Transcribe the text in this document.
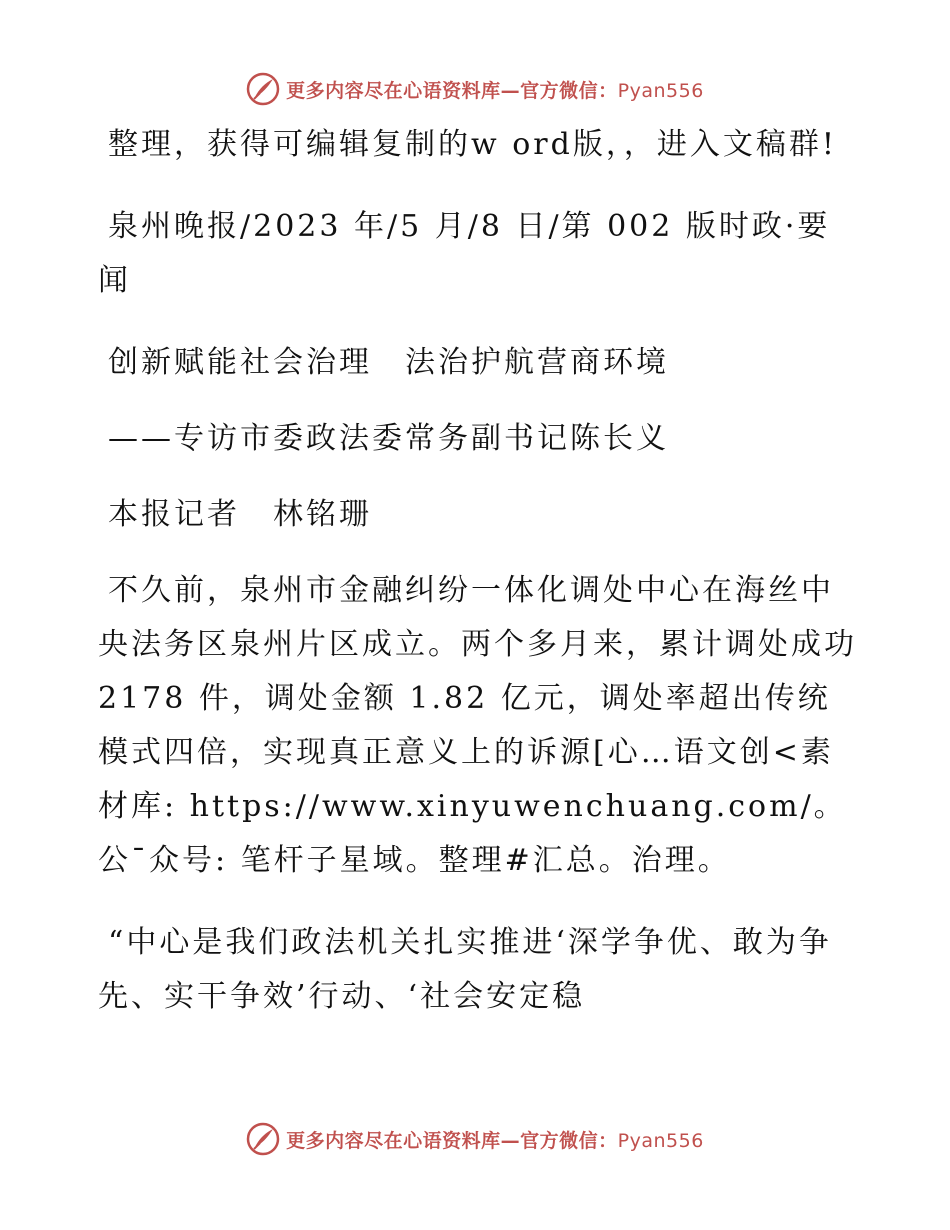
更多内容尽在心语资料库—官方微信：Pyan556

整理，获得可编辑复制的w ord版，，进入文稿群!

泉州晚报/2023 年/5 月/8 日/第 002 版时政·要闻

创新赋能社会治理　法治护航营商环境

——专访市委政法委常务副书记陈长义

本报记者　林铭珊

不久前，泉州市金融纠纷一体化调处中心在海丝中央法务区泉州片区成立。两个多月来，累计调处成功 2178 件，调处金额 1.82 亿元，调处率超出传统模式四倍，实现真正意义上的诉源[心…语文创<素材库: https://www.xinyuwenchuang.com/。公¯众号: 笔杆子星域。整理#汇总。治理。

“中心是我们政法机关扎实推进‘深学争优、敢为争先、实干争效’行动、‘社会安定稳

更多内容尽在心语资料库—官方微信：Pyan556
